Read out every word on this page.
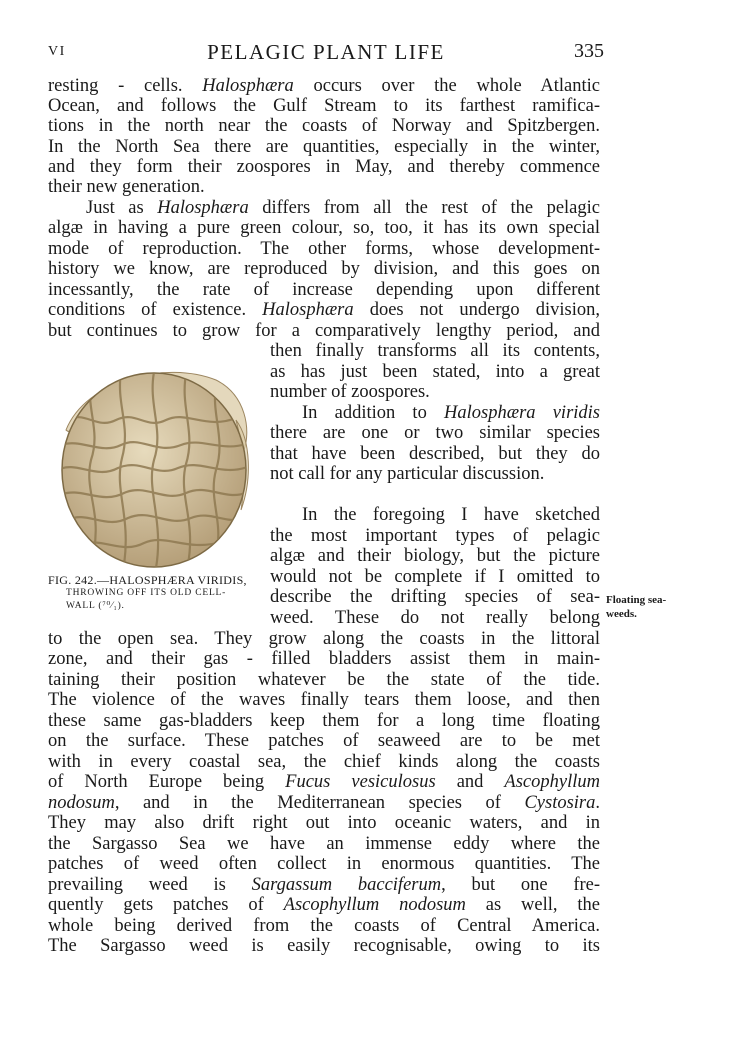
VI	PELAGIC PLANT LIFE	335
resting - cells. Halosphæra occurs over the whole Atlantic
Ocean, and follows the Gulf Stream to its farthest ramifica-
tions in the north near the coasts of Norway and Spitzbergen.
In the North Sea there are quantities, especially in the winter,
and they form their zoospores in May, and thereby commence
their new generation.
Just as Halosphæra differs from all the rest of the pelagic
algæ in having a pure green colour, so, too, it has its own special
mode of reproduction. The other forms, whose development-
history we know, are reproduced by division, and this goes on
incessantly, the rate of increase depending upon different
conditions of existence. Halosphæra does not undergo division,
but continues to grow for a comparatively lengthy period, and
then finally transforms all its contents,
as has just been stated, into a great
number of zoospores.
In addition to Halosphæra viridis
there are one or two similar species
that have been described, but they do
not call for any particular discussion.
In the foregoing I have sketched
the most important types of pelagic
algæ and their biology, but the picture
would not be complete if I omitted to
describe the drifting species of sea-
weed. These do not really belong
to the open sea. They grow along the coasts in the littoral
zone, and their gas - filled bladders assist them in main-
taining their position whatever be the state of the tide.
The violence of the waves finally tears them loose, and then
these same gas-bladders keep them for a long time floating
on the surface. These patches of seaweed are to be met
with in every coastal sea, the chief kinds along the coasts
of North Europe being Fucus vesiculosus and Ascophyllum
nodosum, and in the Mediterranean species of Cystosira.
They may also drift right out into oceanic waters, and in
the Sargasso Sea we have an immense eddy where the
patches of weed often collect in enormous quantities. The
prevailing weed is Sargassum bacciferum, but one fre-
quently gets patches of Ascophyllum nodosum as well, the
whole being derived from the coasts of Central America.
The Sargasso weed is easily recognisable, owing to its
FIG. 242.—HALOSPHÆRA VIRIDIS,
THROWING OFF ITS OLD CELL-
WALL (⁷⁰⁄₁).	Floating sea-weeds.
